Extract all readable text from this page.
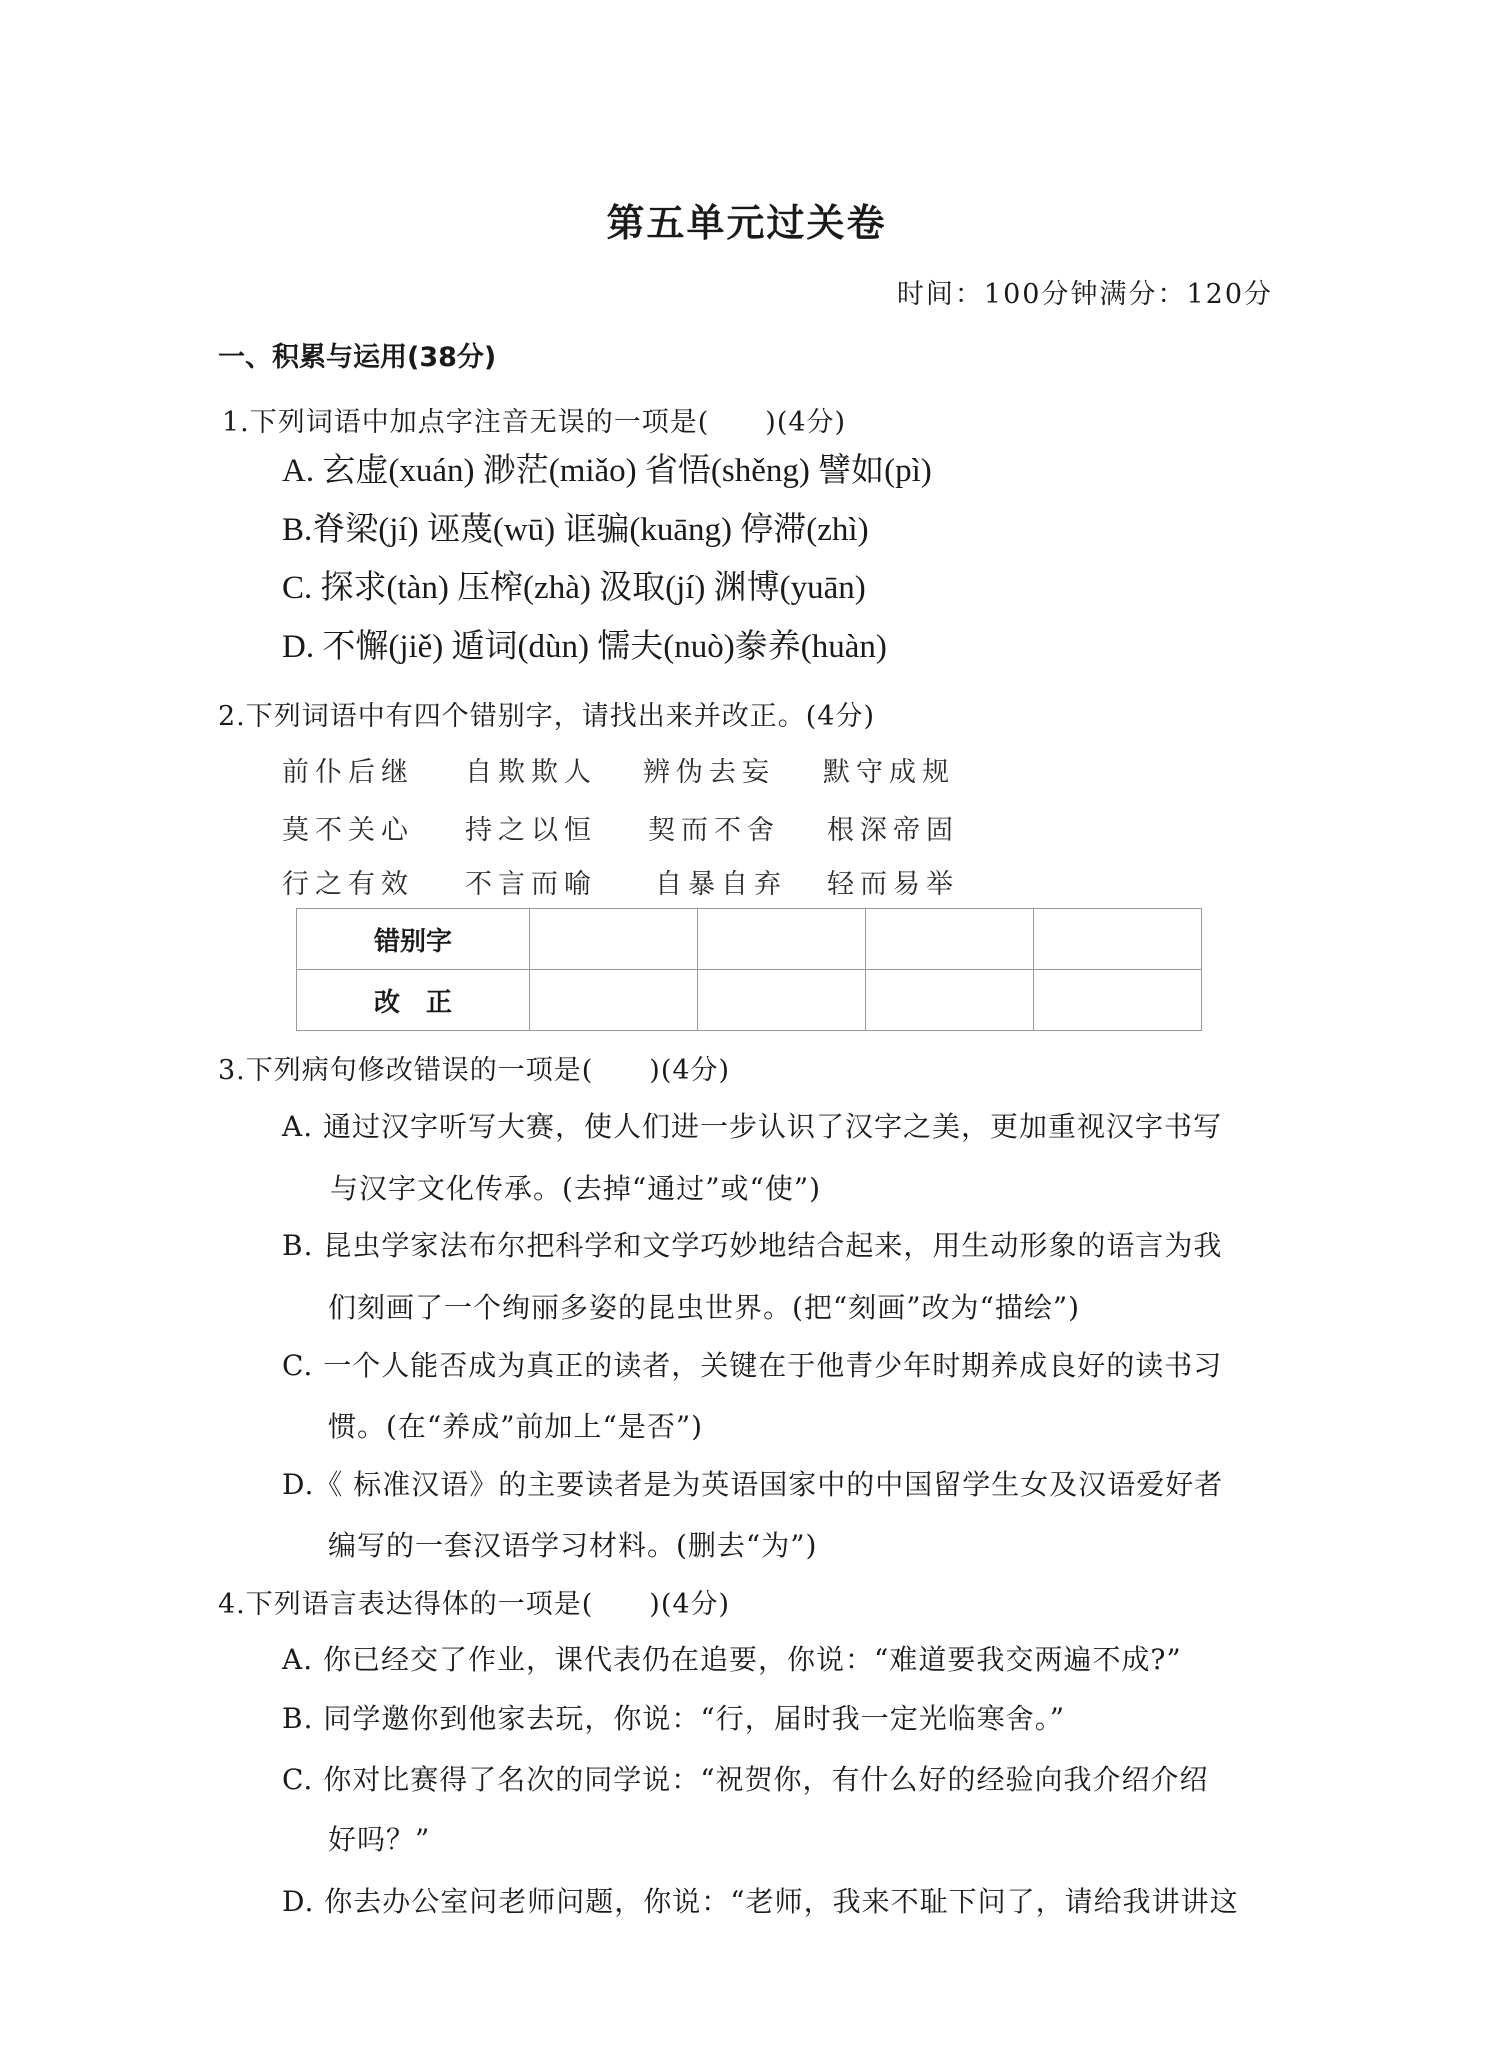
第五单元过关卷
时间：100分钟满分：120分
一、积累与运用(38分)
1.下列词语中加点字注音无误的一项是(　　)(4分)
A. 玄虚(xuán) 渺茫(miǎo) 省悟(shěng) 譬如(pì)
B.脊梁(jí) 诬蔑(wū) 诓骗(kuāng) 停滞(zhì)
C. 探求(tàn) 压榨(zhà) 汲取(jí) 渊博(yuān)
D. 不懈(jiě) 遁词(dùn) 懦夫(nuò)豢养(huàn)
2.下列词语中有四个错别字，请找出来并改正。(4分)
前仆后继 自欺欺人 辨伪去妄 默守成规
莫不关心 持之以恒 契而不舍 根深帝固
行之有效 不言而喻 自暴自弃 轻而易举
错别字				
改　正				
3.下列病句修改错误的一项是(　　)(4分)
A. 通过汉字听写大赛，使人们进一步认识了汉字之美，更加重视汉字书写
与汉字文化传承。(去掉“通过”或“使”)
B. 昆虫学家法布尔把科学和文学巧妙地结合起来，用生动形象的语言为我
们刻画了一个绚丽多姿的昆虫世界。(把“刻画”改为“描绘”)
C. 一个人能否成为真正的读者，关键在于他青少年时期养成良好的读书习
惯。(在“养成”前加上“是否”)
D.《 标准汉语》的主要读者是为英语国家中的中国留学生女及汉语爱好者
编写的一套汉语学习材料。(删去“为”)
4.下列语言表达得体的一项是(　　)(4分)
A. 你已经交了作业，课代表仍在追要，你说：“难道要我交两遍不成?”
B. 同学邀你到他家去玩，你说：“行，届时我一定光临寒舍。”
C. 你对比赛得了名次的同学说：“祝贺你，有什么好的经验向我介绍介绍
好吗？”
D. 你去办公室问老师问题，你说：“老师，我来不耻下问了，请给我讲讲这
